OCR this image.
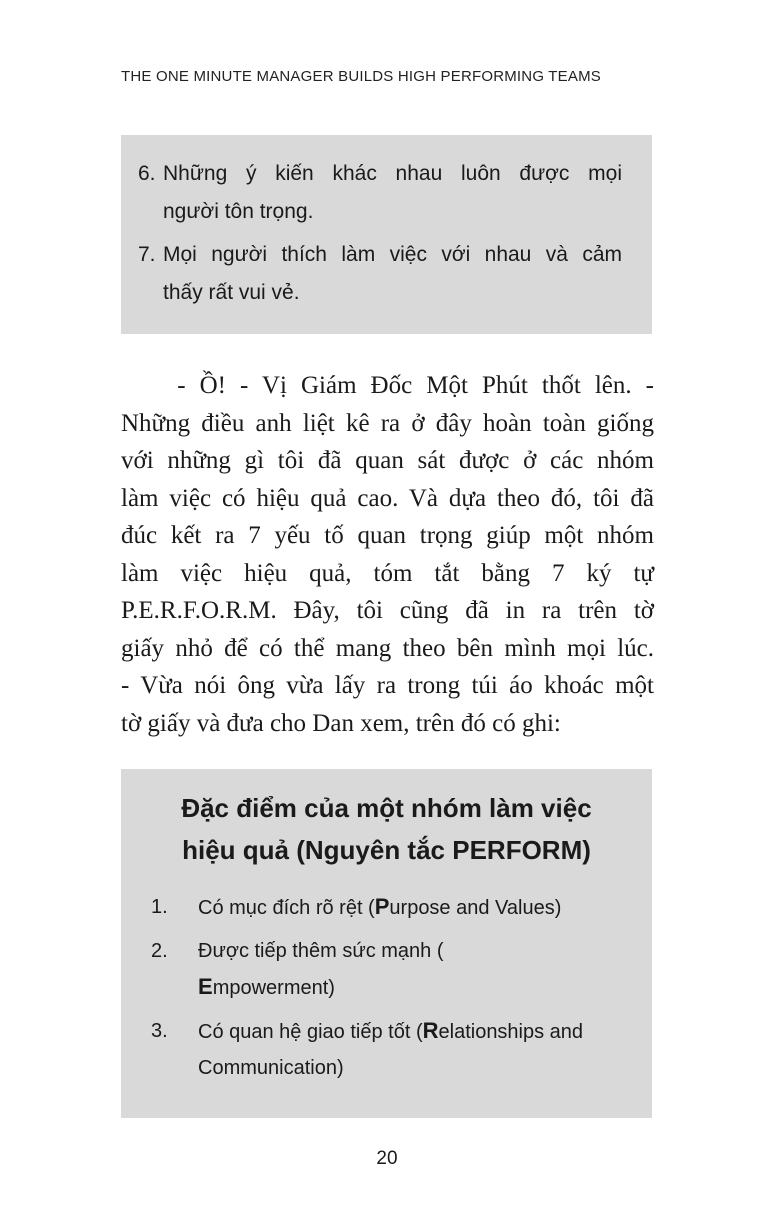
THE ONE MINUTE MANAGER BUILDS HIGH PERFORMING TEAMS
6. Những ý kiến khác nhau luôn được mọi
người tôn trọng.
7. Mọi người thích làm việc với nhau và cảm
thấy rất vui vẻ.

- Ồ! - Vị Giám Đốc Một Phút thốt lên. -
Những điều anh liệt kê ra ở đây hoàn toàn giống
với những gì tôi đã quan sát được ở các nhóm
làm việc có hiệu quả cao. Và dựa theo đó, tôi đã
đúc kết ra 7 yếu tố quan trọng giúp một nhóm
làm việc hiệu quả, tóm tắt bằng 7 ký tự
P.E.R.F.O.R.M. Đây, tôi cũng đã in ra trên tờ
giấy nhỏ để có thể mang theo bên mình mọi lúc.
- Vừa nói ông vừa lấy ra trong túi áo khoác một
tờ giấy và đưa cho Dan xem, trên đó có ghi:

Đặc điểm của một nhóm làm việc
hiệu quả (Nguyên tắc PERFORM)
1.	Có mục đích rõ rệt (Purpose and Values)
2.	Được tiếp thêm sức mạnh (
Empowerment)
3.	Có quan hệ giao tiếp tốt (Relationships and  Communication)
20
